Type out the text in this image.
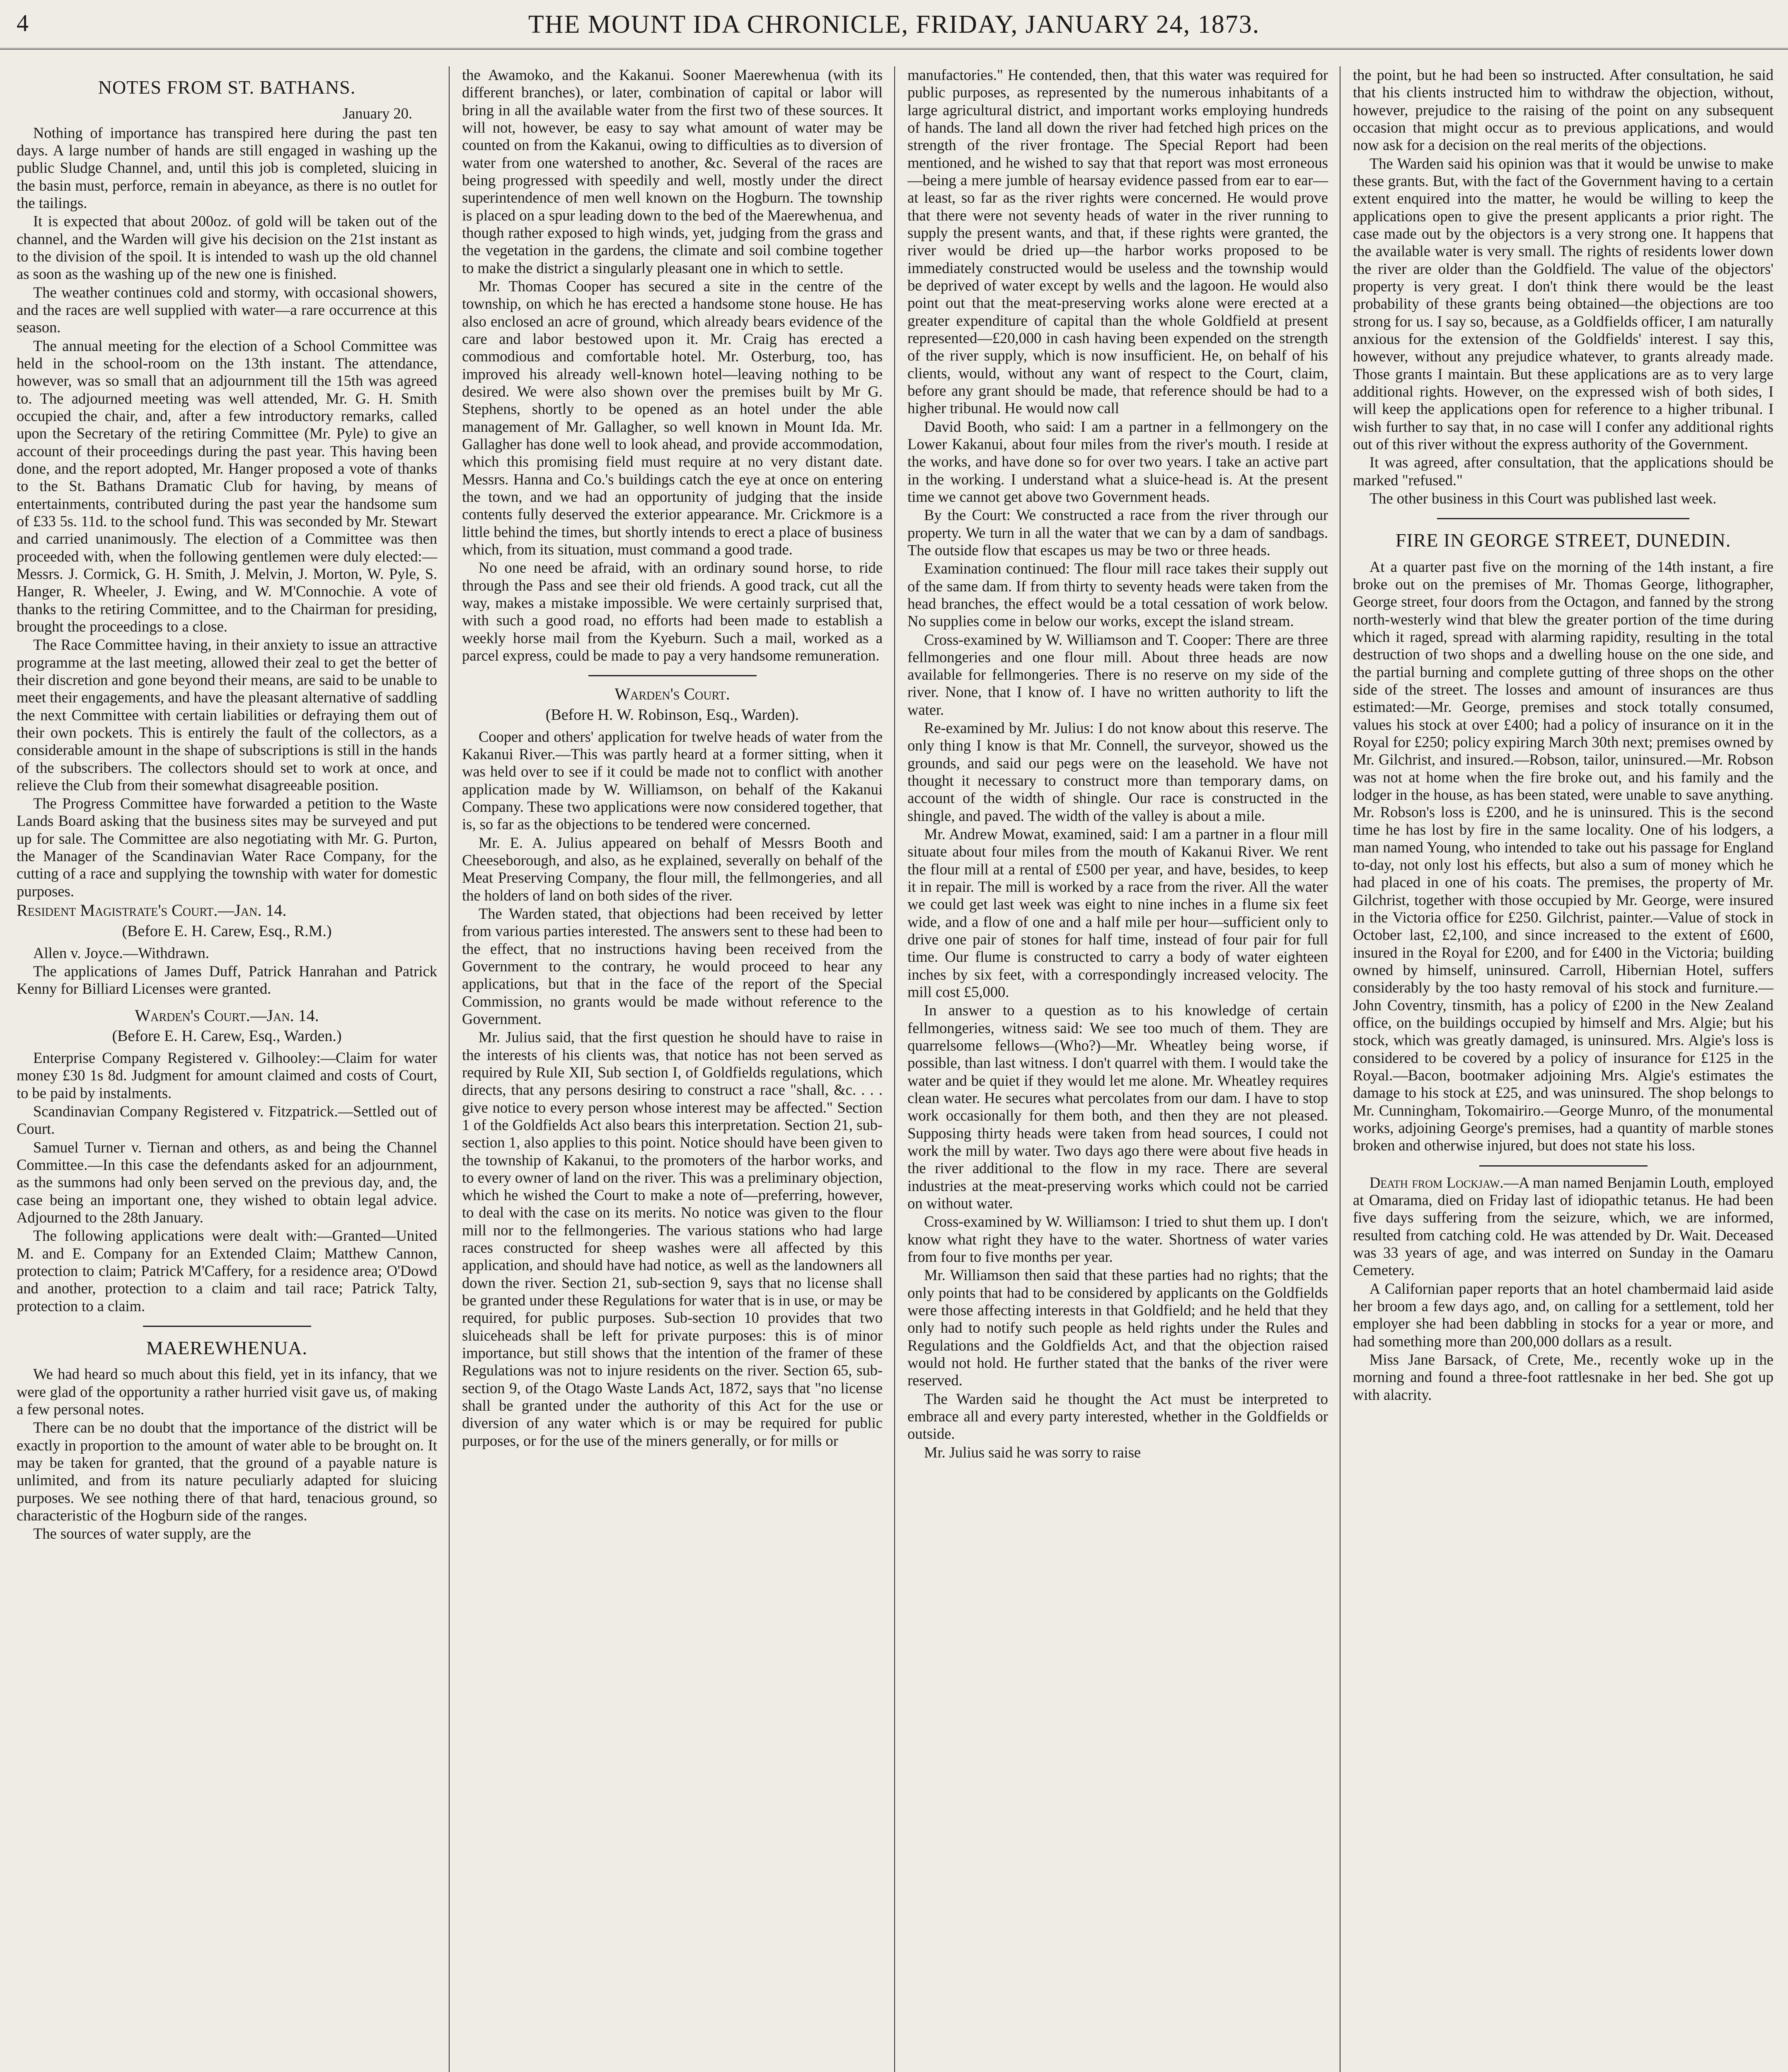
4	THE MOUNT IDA CHRONICLE, FRIDAY, JANUARY 24, 1873.
NOTES FROM ST. BATHANS.
January 20.

Nothing of importance has transpired here during the past ten days. A large number of hands are still engaged in washing up the public Sludge Channel, and, until this job is completed, sluicing in the basin must, perforce, remain in abeyance, as there is no outlet for the tailings.

It is expected that about 200oz. of gold will be taken out of the channel, and the Warden will give his decision on the 21st instant as to the division of the spoil. It is intended to wash up the old channel as soon as the washing up of the new one is finished.

The weather continues cold and stormy, with occasional showers, and the races are well supplied with water—a rare occurrence at this season.

The annual meeting for the election of a School Committee was held in the school-room on the 13th instant. The attendance, however, was so small that an adjournment till the 15th was agreed to. The adjourned meeting was well attended, Mr. G. H. Smith occupied the chair, and, after a few introductory remarks, called upon the Secretary of the retiring Committee (Mr. Pyle) to give an account of their proceedings during the past year. This having been done, and the report adopted, Mr. Hanger proposed a vote of thanks to the St. Bathans Dramatic Club for having, by means of entertainments, contributed during the past year the handsome sum of £33 5s. 11d. to the school fund. This was seconded by Mr. Stewart and carried unanimously. The election of a Committee was then proceeded with, when the following gentlemen were duly elected:—Messrs. J. Cormick, G. H. Smith, J. Melvin, J. Morton, W. Pyle, S. Hanger, R. Wheeler, J. Ewing, and W. M'Connochie. A vote of thanks to the retiring Committee, and to the Chairman for presiding, brought the proceedings to a close.

The Race Committee having, in their anxiety to issue an attractive programme at the last meeting, allowed their zeal to get the better of their discretion and gone beyond their means, are said to be unable to meet their engagements, and have the pleasant alternative of saddling the next Committee with certain liabilities or defraying them out of their own pockets. This is entirely the fault of the collectors, as a considerable amount in the shape of subscriptions is still in the hands of the subscribers. The collectors should set to work at once, and relieve the Club from their somewhat disagreeable position.

The Progress Committee have forwarded a petition to the Waste Lands Board asking that the business sites may be surveyed and put up for sale. The Committee are also negotiating with Mr. G. Purton, the Manager of the Scandinavian Water Race Company, for the cutting of a race and supplying the township with water for domestic purposes.

Resident Magistrate's Court.—Jan. 14.

(Before E. H. Carew, Esq., R.M.)

Allen v. Joyce.—Withdrawn.

The applications of James Duff, Patrick Hanrahan and Patrick Kenny for Billiard Licenses were granted.

Warden's Court.—Jan. 14.
(Before E. H. Carew, Esq., Warden.)

Enterprise Company Registered v. Gilhooley:—Claim for water money £30 1s 8d. Judgment for amount claimed and costs of Court, to be paid by instalments.

Scandinavian Company Registered v. Fitzpatrick.—Settled out of Court.

Samuel Turner v. Tiernan and others, as and being the Channel Committee.—In this case the defendants asked for an adjournment, as the summons had only been served on the previous day, and, the case being an important one, they wished to obtain legal advice. Adjourned to the 28th January.

The following applications were dealt with:—Granted—United M. and E. Company for an Extended Claim; Matthew Cannon, protection to claim; Patrick M'Caffery, for a residence area; O'Dowd and another, protection to a claim and tail race; Patrick Talty, protection to a claim.

MAEREWHENUA.

We had heard so much about this field, yet in its infancy, that we were glad of the opportunity a rather hurried visit gave us, of making a few personal notes.

There can be no doubt that the importance of the district will be exactly in proportion to the amount of water able to be brought on. It may be taken for granted, that the ground of a payable nature is unlimited, and from its nature peculiarly adapted for sluicing purposes. We see nothing there of that hard, tenacious ground, so characteristic of the Hogburn side of the ranges.

The sources of water supply, are the

the Awamoko, and the Kakanui. Sooner Maerewhenua (with its different branches), or later, combination of capital or labor will bring in all the available water from the first two of these sources. It will not, however, be easy to say what amount of water may be counted on from the Kakanui, owing to difficulties as to diversion of water from one watershed to another, &c. Several of the races are being progressed with speedily and well, mostly under the direct superintendence of men well known on the Hogburn. The township is placed on a spur leading down to the bed of the Maerewhenua, and though rather exposed to high winds, yet, judging from the grass and the vegetation in the gardens, the climate and soil combine together to make the district a singularly pleasant one in which to settle.

Mr. Thomas Cooper has secured a site in the centre of the township, on which he has erected a handsome stone house. He has also enclosed an acre of ground, which already bears evidence of the care and labor bestowed upon it. Mr. Craig has erected a commodious and comfortable hotel. Mr. Osterburg, too, has improved his already well-known hotel—leaving nothing to be desired. We were also shown over the premises built by Mr G. Stephens, shortly to be opened as an hotel under the able management of Mr. Gallagher, so well known in Mount Ida. Mr. Gallagher has done well to look ahead, and provide accommodation, which this promising field must require at no very distant date. Messrs. Hanna and Co.'s buildings catch the eye at once on entering the town, and we had an opportunity of judging that the inside contents fully deserved the exterior appearance. Mr. Crickmore is a little behind the times, but shortly intends to erect a place of business which, from its situation, must command a good trade.

No one need be afraid, with an ordinary sound horse, to ride through the Pass and see their old friends. A good track, cut all the way, makes a mistake impossible. We were certainly surprised that, with such a good road, no efforts had been made to establish a weekly horse mail from the Kyeburn. Such a mail, worked as a parcel express, could be made to pay a very handsome remuneration.

Warden's Court.
(Before H. W. Robinson, Esq., Warden).

Cooper and others' application for twelve heads of water from the Kakanui River.—This was partly heard at a former sitting, when it was held over to see if it could be made not to conflict with another application made by W. Williamson, on behalf of the Kakanui Company. These two applications were now considered together, that is, so far as the objections to be tendered were concerned.

Mr. E. A. Julius appeared on behalf of Messrs Booth and Cheeseborough, and also, as he explained, severally on behalf of the Meat Preserving Company, the flour mill, the fellmongeries, and all the holders of land on both sides of the river.

The Warden stated, that objections had been received by letter from various parties interested. The answers sent to these had been to the effect, that no instructions having been received from the Government to the contrary, he would proceed to hear any applications, but that in the face of the report of the Special Commission, no grants would be made without reference to the Government.

Mr. Julius said, that the first question he should have to raise in the interests of his clients was, that notice has not been served as required by Rule XII, Sub section I, of Goldfields regulations, which directs, that any persons desiring to construct a race "shall, &c. . . . give notice to every person whose interest may be affected." Section 1 of the Goldfields Act also bears this interpretation. Section 21, sub-section 1, also applies to this point. Notice should have been given to the township of Kakanui, to the promoters of the harbor works, and to every owner of land on the river. This was a preliminary objection, which he wished the Court to make a note of—preferring, however, to deal with the case on its merits. No notice was given to the flour mill nor to the fellmongeries. The various stations who had large races constructed for sheep washes were all affected by this application, and should have had notice, as well as the landowners all down the river. Section 21, sub-section 9, says that no license shall be granted under these Regulations for water that is in use, or may be required, for public purposes. Sub-section 10 provides that two sluiceheads shall be left for private purposes: this is of minor importance, but still shows that the intention of the framer of these Regulations was not to injure residents on the river. Section 65, sub-section 9, of the Otago Waste Lands Act, 1872, says that "no license shall be granted under the authority of this Act for the use or diversion of any water which is or may be required for public purposes, or for the use of the miners generally, or for mills or

manufactories." He contended, then, that this water was required for public purposes, as represented by the numerous inhabitants of a large agricultural district, and important works employing hundreds of hands. The land all down the river had fetched high prices on the strength of the river frontage. The Special Report had been mentioned, and he wished to say that that report was most erroneous—being a mere jumble of hearsay evidence passed from ear to ear—at least, so far as the river rights were concerned. He would prove that there were not seventy heads of water in the river running to supply the present wants, and that, if these rights were granted, the river would be dried up—the harbor works proposed to be immediately constructed would be useless and the township would be deprived of water except by wells and the lagoon. He would also point out that the meat-preserving works alone were erected at a greater expenditure of capital than the whole Goldfield at present represented—£20,000 in cash having been expended on the strength of the river supply, which is now insufficient. He, on behalf of his clients, would, without any want of respect to the Court, claim, before any grant should be made, that reference should be had to a higher tribunal. He would now call

David Booth, who said: I am a partner in a fellmongery on the Lower Kakanui, about four miles from the river's mouth. I reside at the works, and have done so for over two years. I take an active part in the working. I understand what a sluice-head is. At the present time we cannot get above two Government heads.

By the Court: We constructed a race from the river through our property. We turn in all the water that we can by a dam of sandbags. The outside flow that escapes us may be two or three heads.

Examination continued: The flour mill race takes their supply out of the same dam. If from thirty to seventy heads were taken from the head branches, the effect would be a total cessation of work below. No supplies come in below our works, except the island stream.

Cross-examined by W. Williamson and T. Cooper: There are three fellmongeries and one flour mill. About three heads are now available for fellmongeries. There is no reserve on my side of the river. None, that I know of. I have no written authority to lift the water.

Re-examined by Mr. Julius: I do not know about this reserve. The only thing I know is that Mr. Connell, the surveyor, showed us the grounds, and said our pegs were on the leasehold. We have not thought it necessary to construct more than temporary dams, on account of the width of shingle. Our race is constructed in the shingle, and paved. The width of the valley is about a mile.

Mr. Andrew Mowat, examined, said: I am a partner in a flour mill situate about four miles from the mouth of Kakanui River. We rent the flour mill at a rental of £500 per year, and have, besides, to keep it in repair. The mill is worked by a race from the river. All the water we could get last week was eight to nine inches in a flume six feet wide, and a flow of one and a half mile per hour—sufficient only to drive one pair of stones for half time, instead of four pair for full time. Our flume is constructed to carry a body of water eighteen inches by six feet, with a correspondingly increased velocity. The mill cost £5,000.

In answer to a question as to his knowledge of certain fellmongeries, witness said: We see too much of them. They are quarrelsome fellows—(Who?)—Mr. Wheatley being worse, if possible, than last witness. I don't quarrel with them. I would take the water and be quiet if they would let me alone. Mr. Wheatley requires clean water. He secures what percolates from our dam. I have to stop work occasionally for them both, and then they are not pleased. Supposing thirty heads were taken from head sources, I could not work the mill by water. Two days ago there were about five heads in the river additional to the flow in my race. There are several industries at the meat-preserving works which could not be carried on without water.

Cross-examined by W. Williamson: I tried to shut them up. I don't know what right they have to the water. Shortness of water varies from four to five months per year.

Mr. Williamson then said that these parties had no rights; that the only points that had to be considered by applicants on the Goldfields were those affecting interests in that Goldfield; and he held that they only had to notify such people as held rights under the Rules and Regulations and the Goldfields Act, and that the objection raised would not hold. He further stated that the banks of the river were reserved.

The Warden said he thought the Act must be interpreted to embrace all and every party interested, whether in the Goldfields or outside.

Mr. Julius said he was sorry to raise

the point, but he had been so instructed. After consultation, he said that his clients instructed him to withdraw the objection, without, however, prejudice to the raising of the point on any subsequent occasion that might occur as to previous applications, and would now ask for a decision on the real merits of the objections.

The Warden said his opinion was that it would be unwise to make these grants. But, with the fact of the Government having to a certain extent enquired into the matter, he would be willing to keep the applications open to give the present applicants a prior right. The case made out by the objectors is a very strong one. It happens that the available water is very small. The rights of residents lower down the river are older than the Goldfield. The value of the objectors' property is very great. I don't think there would be the least probability of these grants being obtained—the objections are too strong for us. I say so, because, as a Goldfields officer, I am naturally anxious for the extension of the Goldfields' interest. I say this, however, without any prejudice whatever, to grants already made. Those grants I maintain. But these applications are as to very large additional rights. However, on the expressed wish of both sides, I will keep the applications open for reference to a higher tribunal. I wish further to say that, in no case will I confer any additional rights out of this river without the express authority of the Government.

It was agreed, after consultation, that the applications should be marked "refused."

The other business in this Court was published last week.

FIRE IN GEORGE STREET, DUNEDIN.

At a quarter past five on the morning of the 14th instant, a fire broke out on the premises of Mr. Thomas George, lithographer, George street, four doors from the Octagon, and fanned by the strong north-westerly wind that blew the greater portion of the time during which it raged, spread with alarming rapidity, resulting in the total destruction of two shops and a dwelling house on the one side, and the partial burning and complete gutting of three shops on the other side of the street. The losses and amount of insurances are thus estimated:—Mr. George, premises and stock totally consumed, values his stock at over £400; had a policy of insurance on it in the Royal for £250; policy expiring March 30th next; premises owned by Mr. Gilchrist, and insured.—Robson, tailor, uninsured.—Mr. Robson was not at home when the fire broke out, and his family and the lodger in the house, as has been stated, were unable to save anything. Mr. Robson's loss is £200, and he is uninsured. This is the second time he has lost by fire in the same locality. One of his lodgers, a man named Young, who intended to take out his passage for England to-day, not only lost his effects, but also a sum of money which he had placed in one of his coats. The premises, the property of Mr. Gilchrist, together with those occupied by Mr. George, were insured in the Victoria office for £250. Gilchrist, painter.—Value of stock in October last, £2,100, and since increased to the extent of £600, insured in the Royal for £200, and for £400 in the Victoria; building owned by himself, uninsured. Carroll, Hibernian Hotel, suffers considerably by the too hasty removal of his stock and furniture.—John Coventry, tinsmith, has a policy of £200 in the New Zealand office, on the buildings occupied by himself and Mrs. Algie; but his stock, which was greatly damaged, is uninsured. Mrs. Algie's loss is considered to be covered by a policy of insurance for £125 in the Royal.—Bacon, bootmaker adjoining Mrs. Algie's estimates the damage to his stock at £25, and was uninsured. The shop belongs to Mr. Cunningham, Tokomairiro.—George Munro, of the monumental works, adjoining George's premises, had a quantity of marble stones broken and otherwise injured, but does not state his loss.

Death from Lockjaw.—A man named Benjamin Louth, employed at Omarama, died on Friday last of idiopathic tetanus. He had been five days suffering from the seizure, which, we are informed, resulted from catching cold. He was attended by Dr. Wait. Deceased was 33 years of age, and was interred on Sunday in the Oamaru Cemetery.

A Californian paper reports that an hotel chambermaid laid aside her broom a few days ago, and, on calling for a settlement, told her employer she had been dabbling in stocks for a year or more, and had something more than 200,000 dollars as a result.

Miss Jane Barsack, of Crete, Me., recently woke up in the morning and found a three-foot rattlesnake in her bed. She got up with alacrity.
